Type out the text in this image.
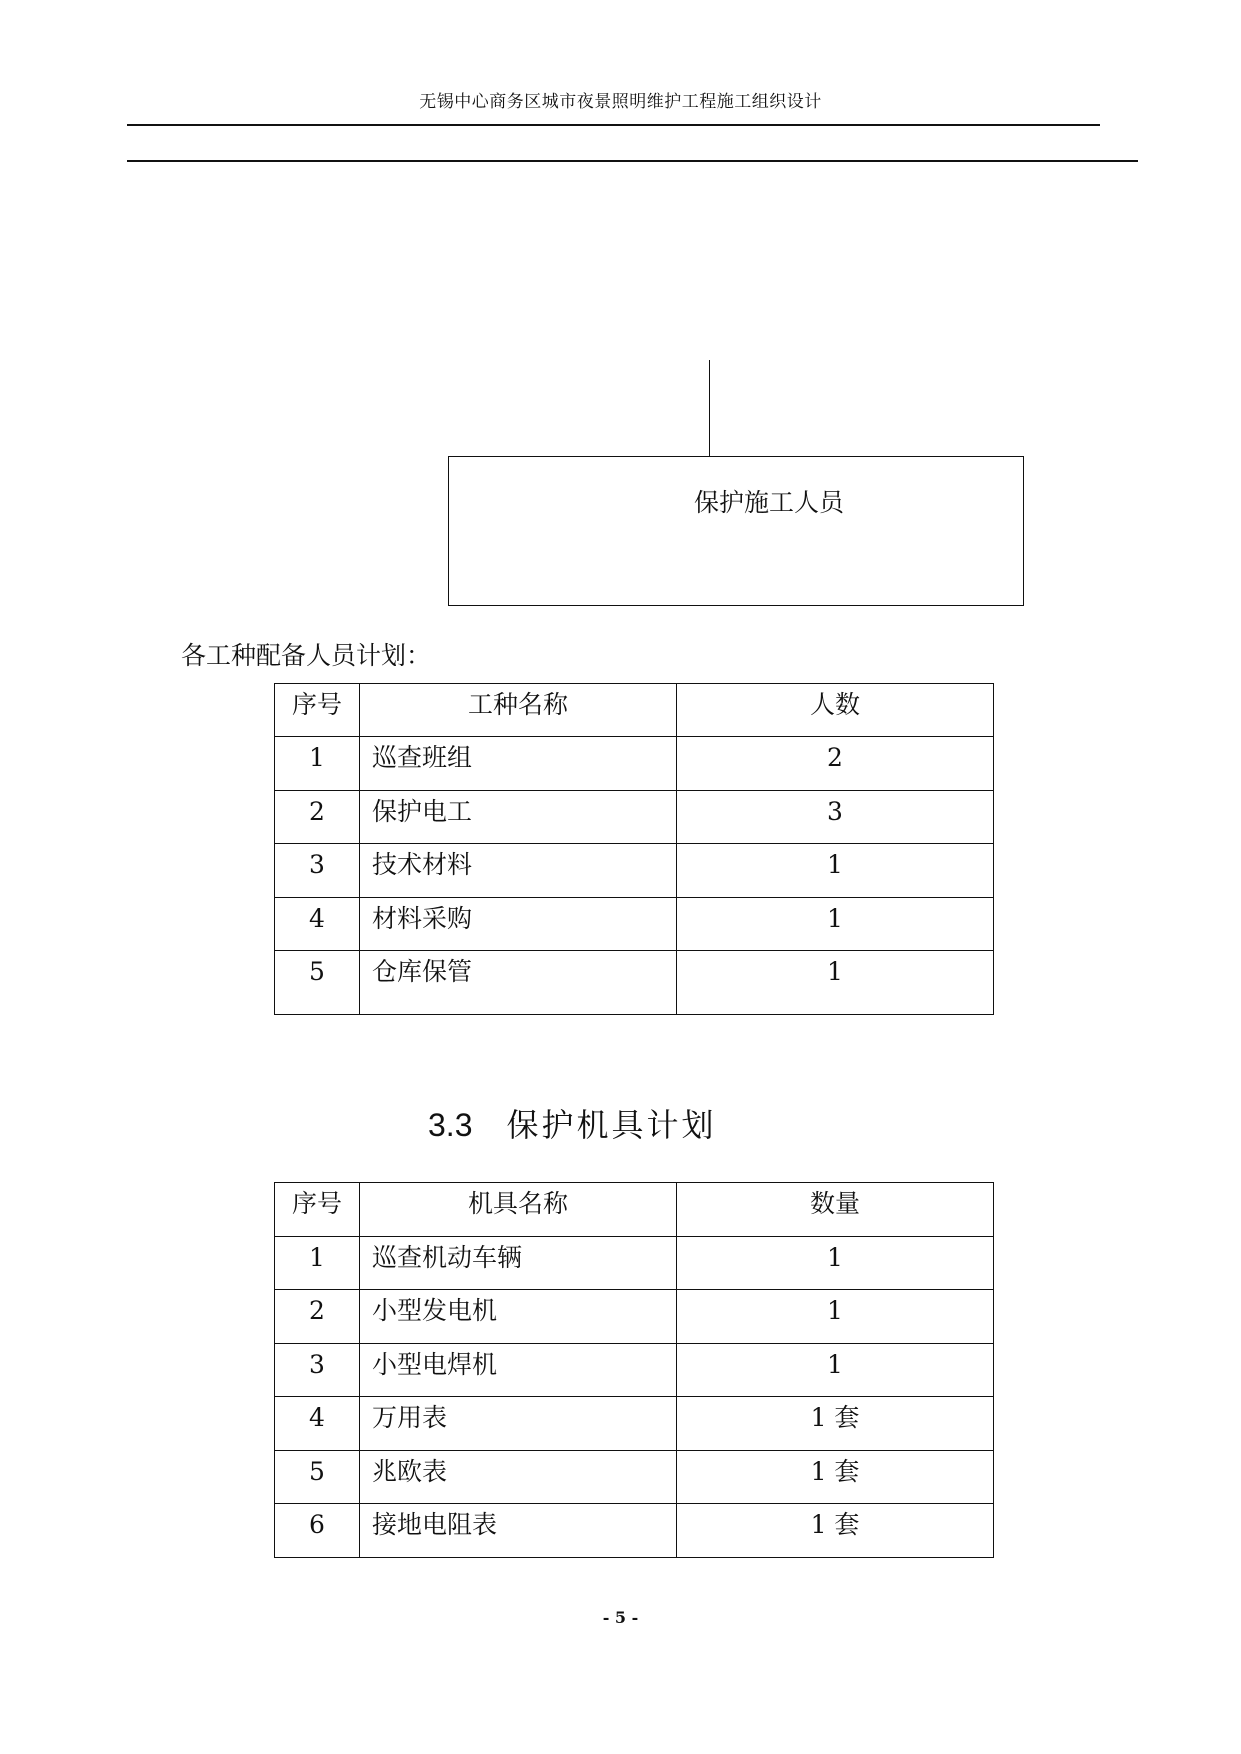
无锡中心商务区城市夜景照明维护工程施工组织设计
保护施工人员
各工种配备人员计划：
序号	工种名称	人数

1	巡查班组	2

2	保护电工	3

3	技术材料	1

4	材料采购	1

5	仓库保管	1
3.3 保护机具计划
序号	机具名称	数量

1	巡查机动车辆	1

2	小型发电机	1

3	小型电焊机	1

4	万用表	1 套

5	兆欧表	1 套

6	接地电阻表	1 套
- 5 -
